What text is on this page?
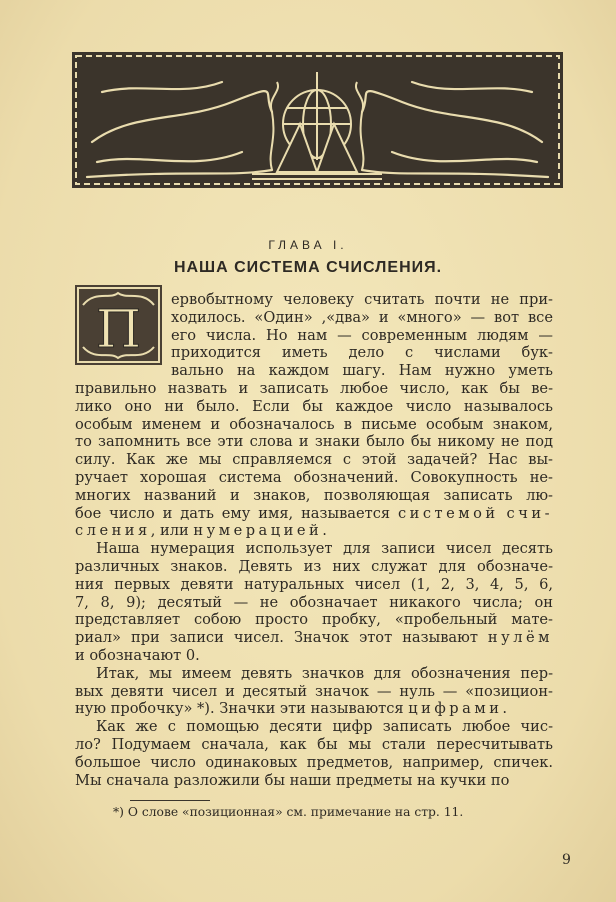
ГЛАВА I.
НАША СИСТЕМА СЧИСЛЕНИЯ.
П
ервобытному человеку считать почти не при-
ходилось. «Один» ,«два» и «много» — вот все
его числа. Но нам — современным людям —
приходится иметь дело с числами бук-
вально на каждом шагу. Нам нужно уметь
правильно назвать и записать любое число, как бы ве-
лико оно ни было. Если бы каждое число называлось
особым именем и обозначалось в письме особым знаком,
то запомнить все эти слова и знаки было бы никому не под
силу. Как же мы справляемся с этой задачей? Нас вы-
ручает хорошая система обозначений. Совокупность не-
многих названий и знаков, позволяющая записать лю-
бое число и дать ему имя, называется системой счи-
сления, или нумерацией.
Наша нумерация использует для записи чисел десять
различных знаков. Девять из них служат для обозначе-
ния первых девяти натуральных чисел (1, 2, 3, 4, 5, 6,
7, 8, 9); десятый — не обозначает никакого числа; он
представляет собою просто пробку, «пробельный мате-
риал» при записи чисел. Значок этот называют нулём
и обозначают 0.
Итак, мы имеем девять значков для обозначения пер-
вых девяти чисел и десятый значок — нуль — «позицион-
ную пробочку» *). Значки эти называются цифрами.
Как же с помощью десяти цифр записать любое чис-
ло? Подумаем сначала, как бы мы стали пересчитывать
большое число одинаковых предметов, например, спичек.
Мы сначала разложили бы наши предметы на кучки по
*) О слове «позиционная» см. примечание на стр. 11.
9
